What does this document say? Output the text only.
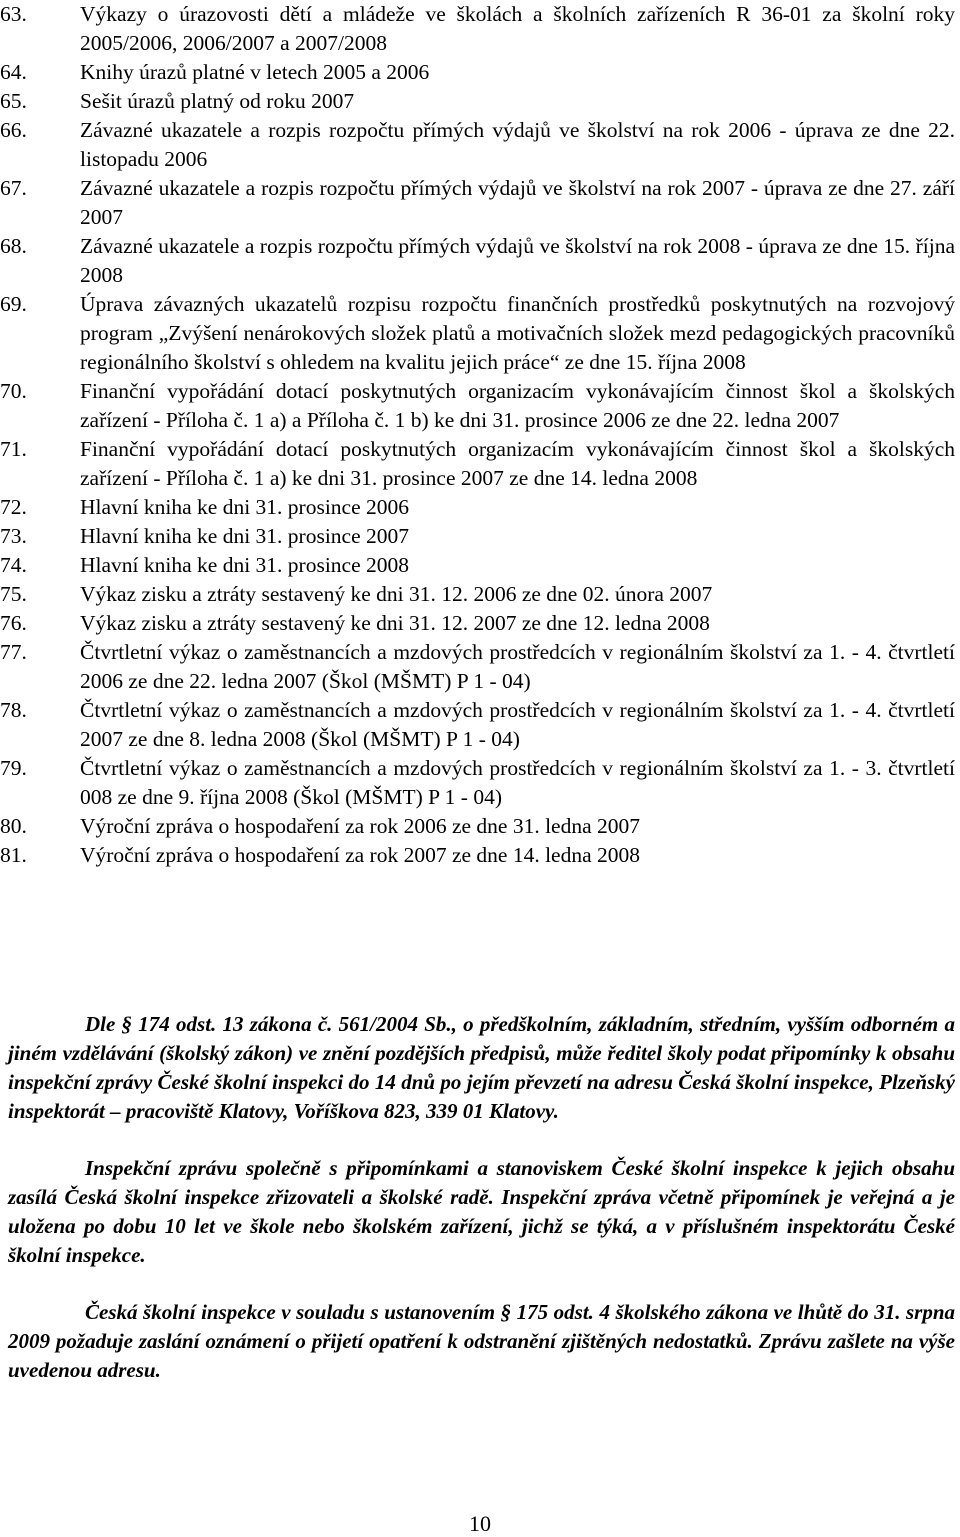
63.	Výkazy o úrazovosti dětí a mládeže ve školách a školních zařízeních R 36-01 za školní roky 2005/2006, 2006/2007 a 2007/2008
64.	Knihy úrazů platné v letech 2005 a 2006
65.	Sešit úrazů platný od roku 2007
66.	Závazné ukazatele a rozpis rozpočtu přímých výdajů ve školství na rok 2006 - úprava ze dne 22. listopadu 2006
67.	Závazné ukazatele a rozpis rozpočtu přímých výdajů ve školství na rok 2007 - úprava ze dne 27. září 2007
68.	Závazné ukazatele a rozpis rozpočtu přímých výdajů ve školství na rok 2008 - úprava ze dne 15. října 2008
69.	Úprava závazných ukazatelů rozpisu rozpočtu finančních prostředků poskytnutých na rozvojový program „Zvýšení nenárokových složek platů a motivačních složek mezd pedagogických pracovníků regionálního školství s ohledem na kvalitu jejich práce“ ze dne 15. října 2008
70.	Finanční vypořádání dotací poskytnutých organizacím vykonávajícím činnost škol a školských zařízení - Příloha č. 1 a) a Příloha č. 1 b) ke dni 31. prosince 2006 ze dne 22. ledna 2007
71.	Finanční vypořádání dotací poskytnutých organizacím vykonávajícím činnost škol a školských zařízení - Příloha č. 1 a) ke dni 31. prosince 2007 ze dne 14. ledna 2008
72.	Hlavní kniha ke dni 31. prosince 2006
73.	Hlavní kniha ke dni 31. prosince 2007
74.	Hlavní kniha ke dni 31. prosince 2008
75.	Výkaz zisku a ztráty sestavený ke dni 31. 12. 2006 ze dne 02. února 2007
76.	Výkaz zisku a ztráty sestavený ke dni 31. 12. 2007 ze dne 12. ledna 2008
77.	Čtvrtletní výkaz o zaměstnancích a mzdových prostředcích v regionálním školství za 1. - 4. čtvrtletí 2006 ze dne 22. ledna 2007 (Škol (MŠMT) P 1 - 04)
78.	Čtvrtletní výkaz o zaměstnancích a mzdových prostředcích v regionálním školství za 1. - 4. čtvrtletí 2007 ze dne 8. ledna 2008 (Škol (MŠMT) P 1 - 04)
79.	Čtvrtletní výkaz o zaměstnancích a mzdových prostředcích v regionálním školství za 1. - 3. čtvrtletí 008 ze dne 9. října 2008 (Škol (MŠMT) P 1 - 04)
80.	Výroční zpráva o hospodaření za rok 2006 ze dne 31. ledna 2007
81.	Výroční zpráva o hospodaření za rok 2007 ze dne 14. ledna 2008

Dle § 174 odst. 13 zákona č. 561/2004 Sb., o předškolním, základním, středním, vyšším odborném a jiném vzdělávání (školský zákon) ve znění pozdějších předpisů, může ředitel školy podat připomínky k obsahu inspekční zprávy České školní inspekci do 14 dnů po jejím převzetí na adresu Česká školní inspekce, Plzeňský inspektorát – pracoviště Klatovy, Voříškova 823, 339 01 Klatovy.

Inspekční zprávu společně s připomínkami a stanoviskem České školní inspekce k jejich obsahu zasílá Česká školní inspekce zřizovateli a školské radě. Inspekční zpráva včetně připomínek je veřejná a je uložena po dobu 10 let ve škole nebo školském zařízení, jichž se týká, a v příslušném inspektorátu České školní inspekce.

Česká školní inspekce v souladu s ustanovením § 175 odst. 4 školského zákona ve lhůtě do 31. srpna 2009 požaduje zaslání oznámení o přijetí opatření k odstranění zjištěných nedostatků. Zprávu zašlete na výše uvedenou adresu.

10
